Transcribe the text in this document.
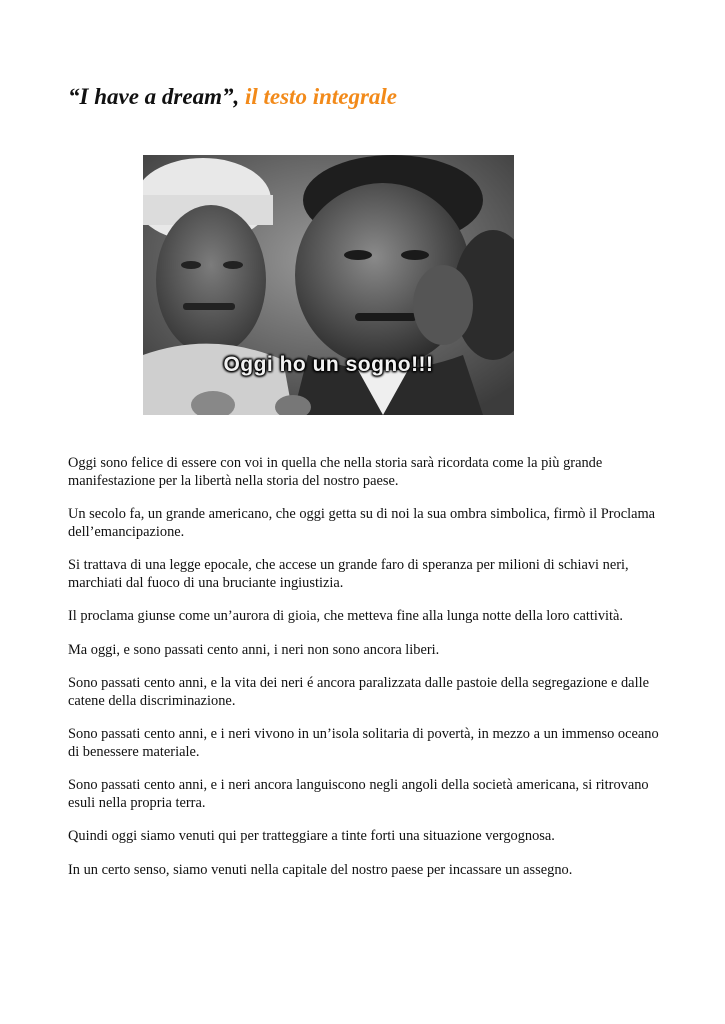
“I have a dream”, il testo integrale
Oggi ho un sogno!!!

Oggi sono felice di essere con voi in quella che nella storia sarà ricordata come la più grande manifestazione per la libertà nella storia del nostro paese.

Un secolo fa, un grande americano, che oggi getta su di noi la sua ombra simbolica, firmò il Proclama dell’emancipazione.

Si trattava di una legge epocale, che accese un grande faro di speranza per milioni di schiavi neri, marchiati dal fuoco di una bruciante ingiustizia.

Il proclama giunse come un’aurora di gioia, che metteva fine alla lunga notte della loro cattività.

Ma oggi, e sono passati cento anni, i neri non sono ancora liberi.

Sono passati cento anni, e la vita dei neri é ancora paralizzata dalle pastoie della segregazione e dalle catene della discriminazione.

Sono passati cento anni, e i neri vivono in un’isola solitaria di povertà, in mezzo a un immenso oceano di benessere materiale.

Sono passati cento anni, e i neri ancora languiscono negli angoli della società americana, si ritrovano esuli nella propria terra.

Quindi oggi siamo venuti qui per tratteggiare a tinte forti una situazione vergognosa.

In un certo senso, siamo venuti nella capitale del nostro paese per incassare un assegno.
